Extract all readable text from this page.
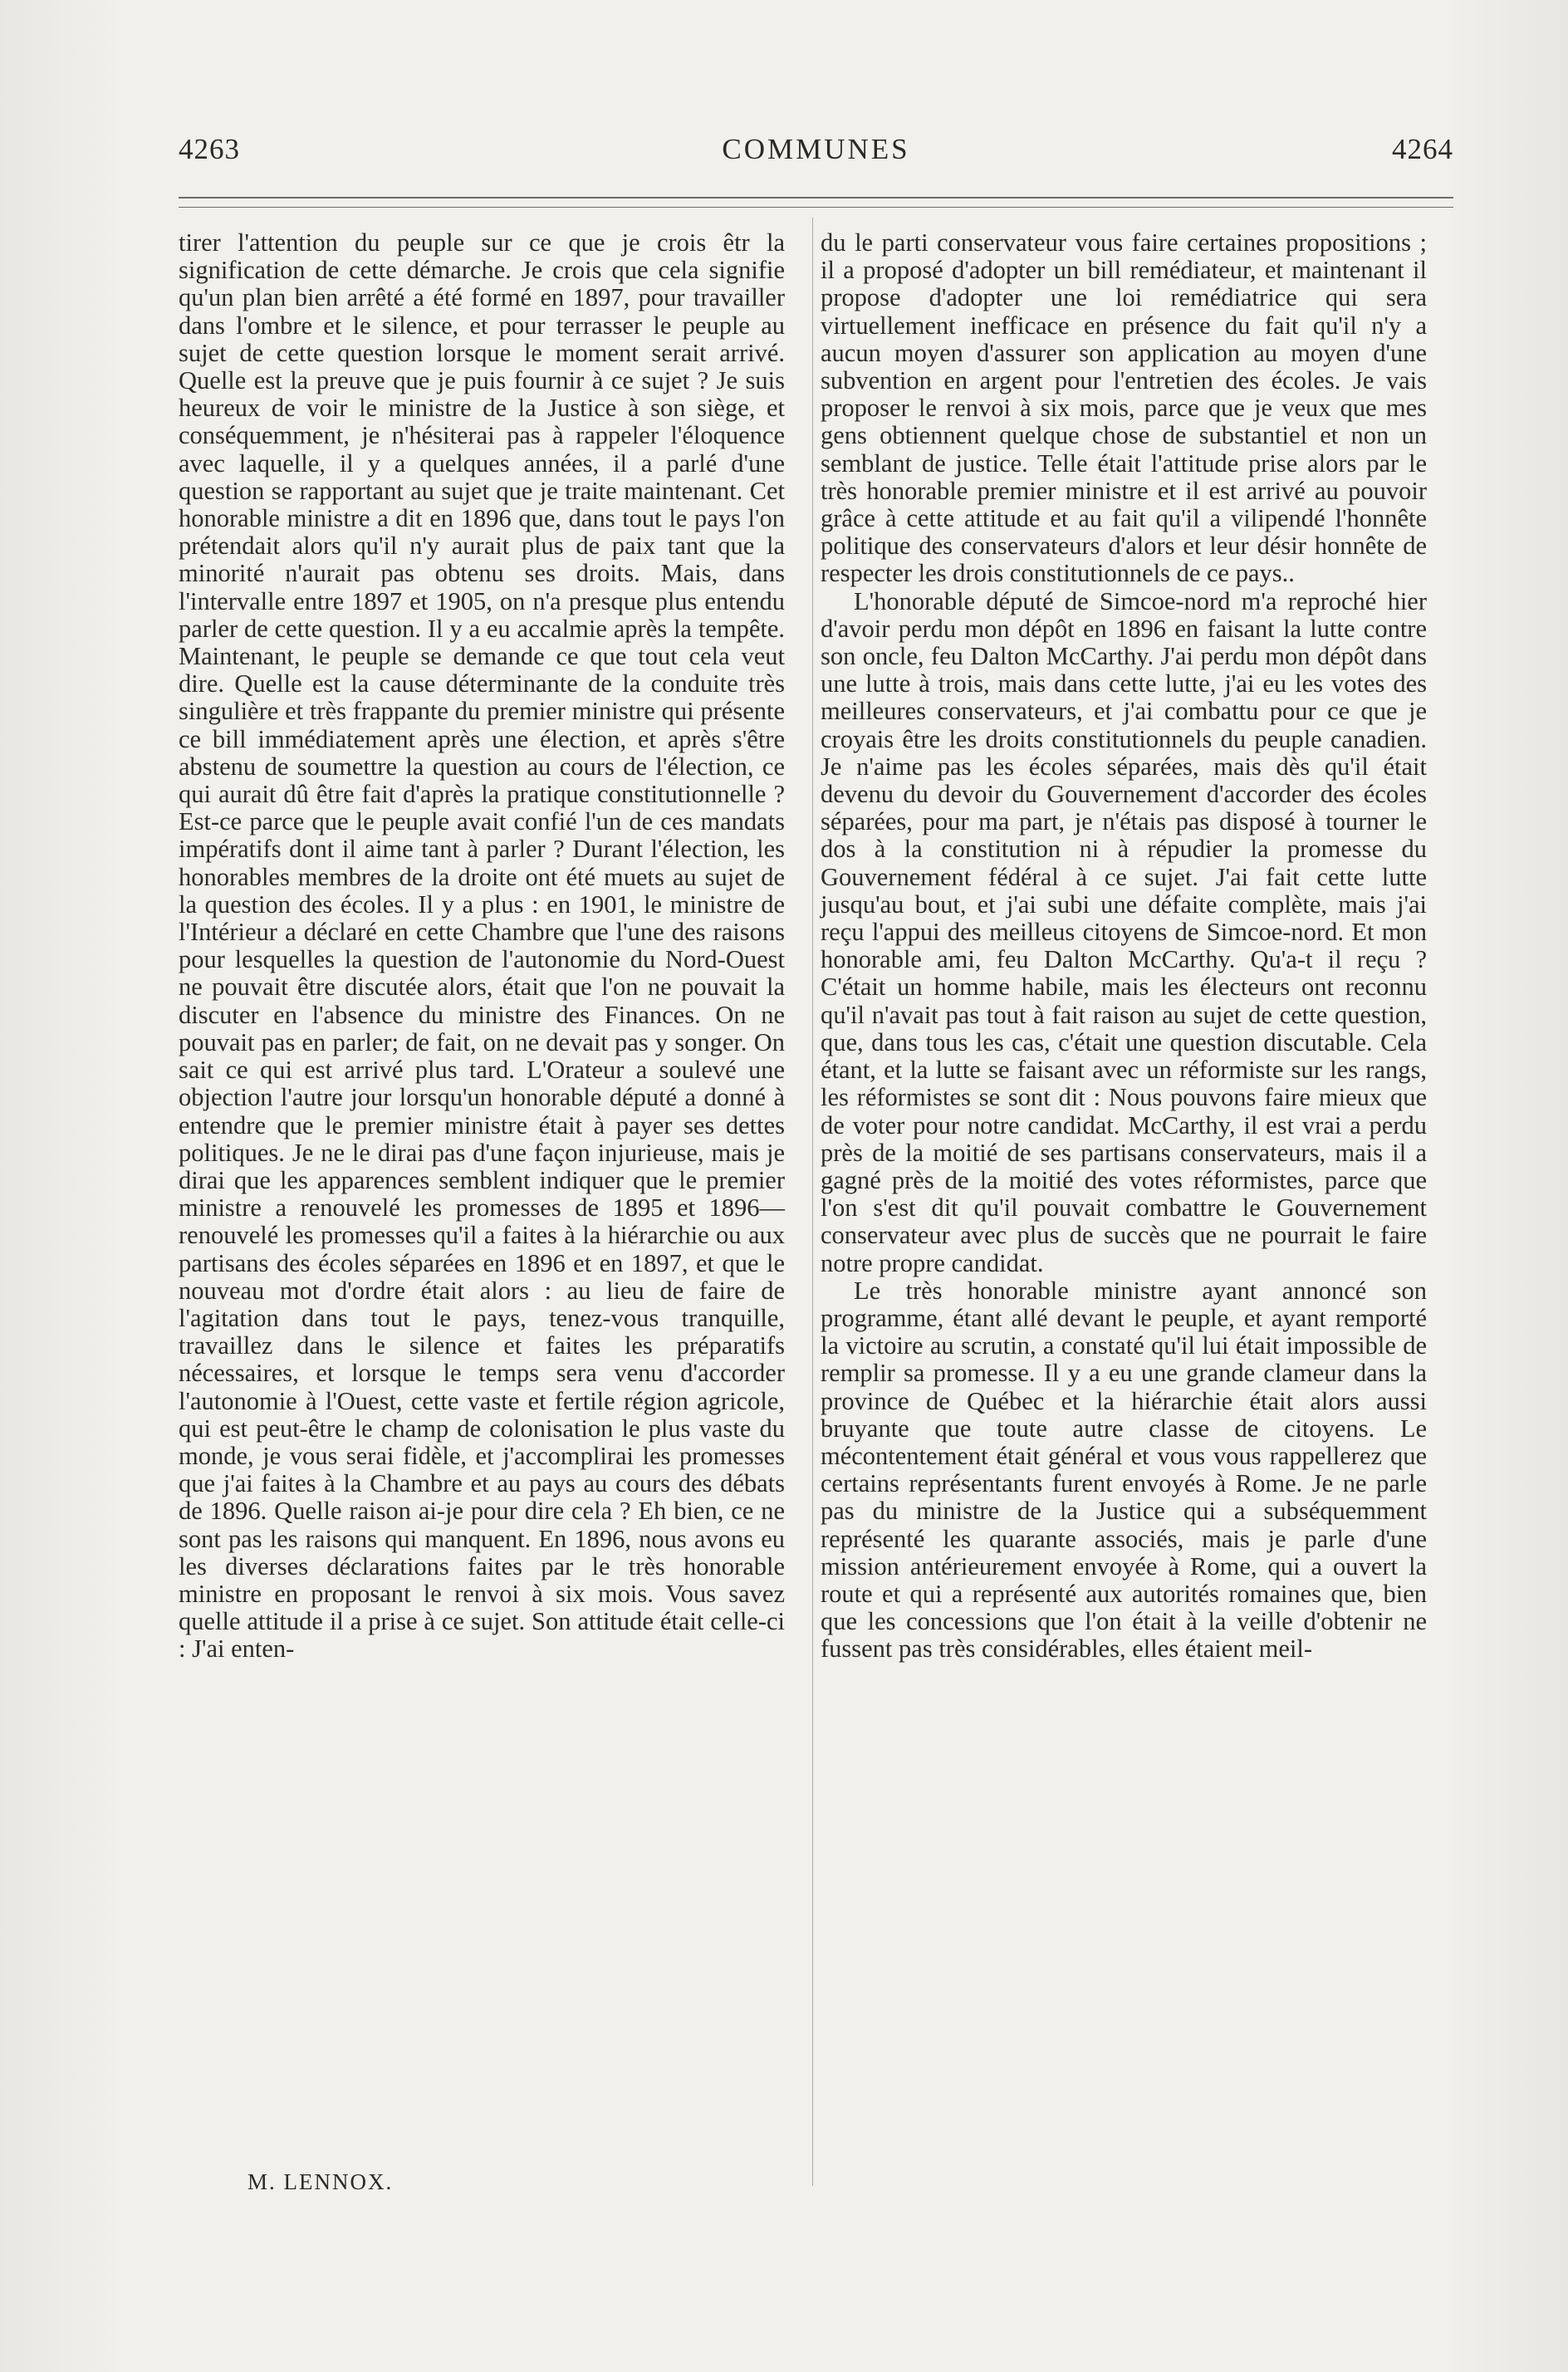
4263	COMMUNES	4264

tirer l'attention du peuple sur ce que je crois êtr la signification de cette démarche. Je crois que cela signifie qu'un plan bien arrêté a été formé en 1897, pour travailler dans l'ombre et le silence, et pour terrasser le peuple au sujet de cette question lorsque le moment serait arrivé. Quelle est la preuve que je puis fournir à ce sujet ? Je suis heureux de voir le ministre de la Justice à son siège, et conséquemment, je n'hésiterai pas à rappeler l'éloquence avec laquelle, il y a quelques années, il a parlé d'une question se rapportant au sujet que je traite maintenant. Cet honorable ministre a dit en 1896 que, dans tout le pays l'on prétendait alors qu'il n'y aurait plus de paix tant que la minorité n'aurait pas obtenu ses droits. Mais, dans l'intervalle entre 1897 et 1905, on n'a presque plus entendu parler de cette question. Il y a eu accalmie après la tempête. Maintenant, le peuple se demande ce que tout cela veut dire. Quelle est la cause déterminante de la conduite très singulière et très frappante du premier ministre qui présente ce bill immédiatement après une élection, et après s'être abstenu de soumettre la question au cours de l'élection, ce qui aurait dû être fait d'après la pratique constitutionnelle ? Est-ce parce que le peuple avait confié l'un de ces mandats impératifs dont il aime tant à parler ? Durant l'élection, les honorables membres de la droite ont été muets au sujet de la question des écoles. Il y a plus : en 1901, le ministre de l'Intérieur a déclaré en cette Chambre que l'une des raisons pour lesquelles la question de l'autonomie du Nord-Ouest ne pouvait être discutée alors, était que l'on ne pouvait la discuter en l'absence du ministre des Finances. On ne pouvait pas en parler; de fait, on ne devait pas y songer. On sait ce qui est arrivé plus tard. L'Orateur a soulevé une objection l'autre jour lorsqu'un honorable député a donné à entendre que le premier ministre était à payer ses dettes politiques. Je ne le dirai pas d'une façon injurieuse, mais je dirai que les apparences semblent indiquer que le premier ministre a renouvelé les promesses de 1895 et 1896—renouvelé les promesses qu'il a faites à la hiérarchie ou aux partisans des écoles séparées en 1896 et en 1897, et que le nouveau mot d'ordre était alors : au lieu de faire de l'agitation dans tout le pays, tenez-vous tranquille, travaillez dans le silence et faites les préparatifs nécessaires, et lorsque le temps sera venu d'accorder l'autonomie à l'Ouest, cette vaste et fertile région agricole, qui est peut-être le champ de colonisation le plus vaste du monde, je vous serai fidèle, et j'accomplirai les promesses que j'ai faites à la Chambre et au pays au cours des débats de 1896. Quelle raison ai-je pour dire cela ? Eh bien, ce ne sont pas les raisons qui manquent. En 1896, nous avons eu les diverses déclarations faites par le très honorable ministre en proposant le renvoi à six mois. Vous savez quelle attitude il a prise à ce sujet. Son attitude était celle-ci : J'ai enten-

du le parti conservateur vous faire certaines propositions ; il a proposé d'adopter un bill remédiateur, et maintenant il propose d'adopter une loi remédiatrice qui sera virtuellement inefficace en présence du fait qu'il n'y a aucun moyen d'assurer son application au moyen d'une subvention en argent pour l'entretien des écoles. Je vais proposer le renvoi à six mois, parce que je veux que mes gens obtiennent quelque chose de substantiel et non un semblant de justice. Telle était l'attitude prise alors par le très honorable premier ministre et il est arrivé au pouvoir grâce à cette attitude et au fait qu'il a vilipendé l'honnête politique des conservateurs d'alors et leur désir honnête de respecter les drois constitutionnels de ce pays..

L'honorable député de Simcoe-nord m'a reproché hier d'avoir perdu mon dépôt en 1896 en faisant la lutte contre son oncle, feu Dalton McCarthy. J'ai perdu mon dépôt dans une lutte à trois, mais dans cette lutte, j'ai eu les votes des meilleures conservateurs, et j'ai combattu pour ce que je croyais être les droits constitutionnels du peuple canadien. Je n'aime pas les écoles séparées, mais dès qu'il était devenu du devoir du Gouvernement d'accorder des écoles séparées, pour ma part, je n'étais pas disposé à tourner le dos à la constitution ni à répudier la promesse du Gouvernement fédéral à ce sujet. J'ai fait cette lutte jusqu'au bout, et j'ai subi une défaite complète, mais j'ai reçu l'appui des meilleus citoyens de Simcoe-nord. Et mon honorable ami, feu Dalton McCarthy. Qu'a-t il reçu ? C'était un homme habile, mais les électeurs ont reconnu qu'il n'avait pas tout à fait raison au sujet de cette question, que, dans tous les cas, c'était une question discutable. Cela étant, et la lutte se faisant avec un réformiste sur les rangs, les réformistes se sont dit : Nous pouvons faire mieux que de voter pour notre candidat. McCarthy, il est vrai a perdu près de la moitié de ses partisans conservateurs, mais il a gagné près de la moitié des votes réformistes, parce que l'on s'est dit qu'il pouvait combattre le Gouvernement conservateur avec plus de succès que ne pourrait le faire notre propre candidat.

Le très honorable ministre ayant annoncé son programme, étant allé devant le peuple, et ayant remporté la victoire au scrutin, a constaté qu'il lui était impossible de remplir sa promesse. Il y a eu une grande clameur dans la province de Québec et la hiérarchie était alors aussi bruyante que toute autre classe de citoyens. Le mécontentement était général et vous vous rappellerez que certains représentants furent envoyés à Rome. Je ne parle pas du ministre de la Justice qui a subséquemment représenté les quarante associés, mais je parle d'une mission antérieurement envoyée à Rome, qui a ouvert la route et qui a représenté aux autorités romaines que, bien que les concessions que l'on était à la veille d'obtenir ne fussent pas très considérables, elles étaient meil-

M. LENNOX.
